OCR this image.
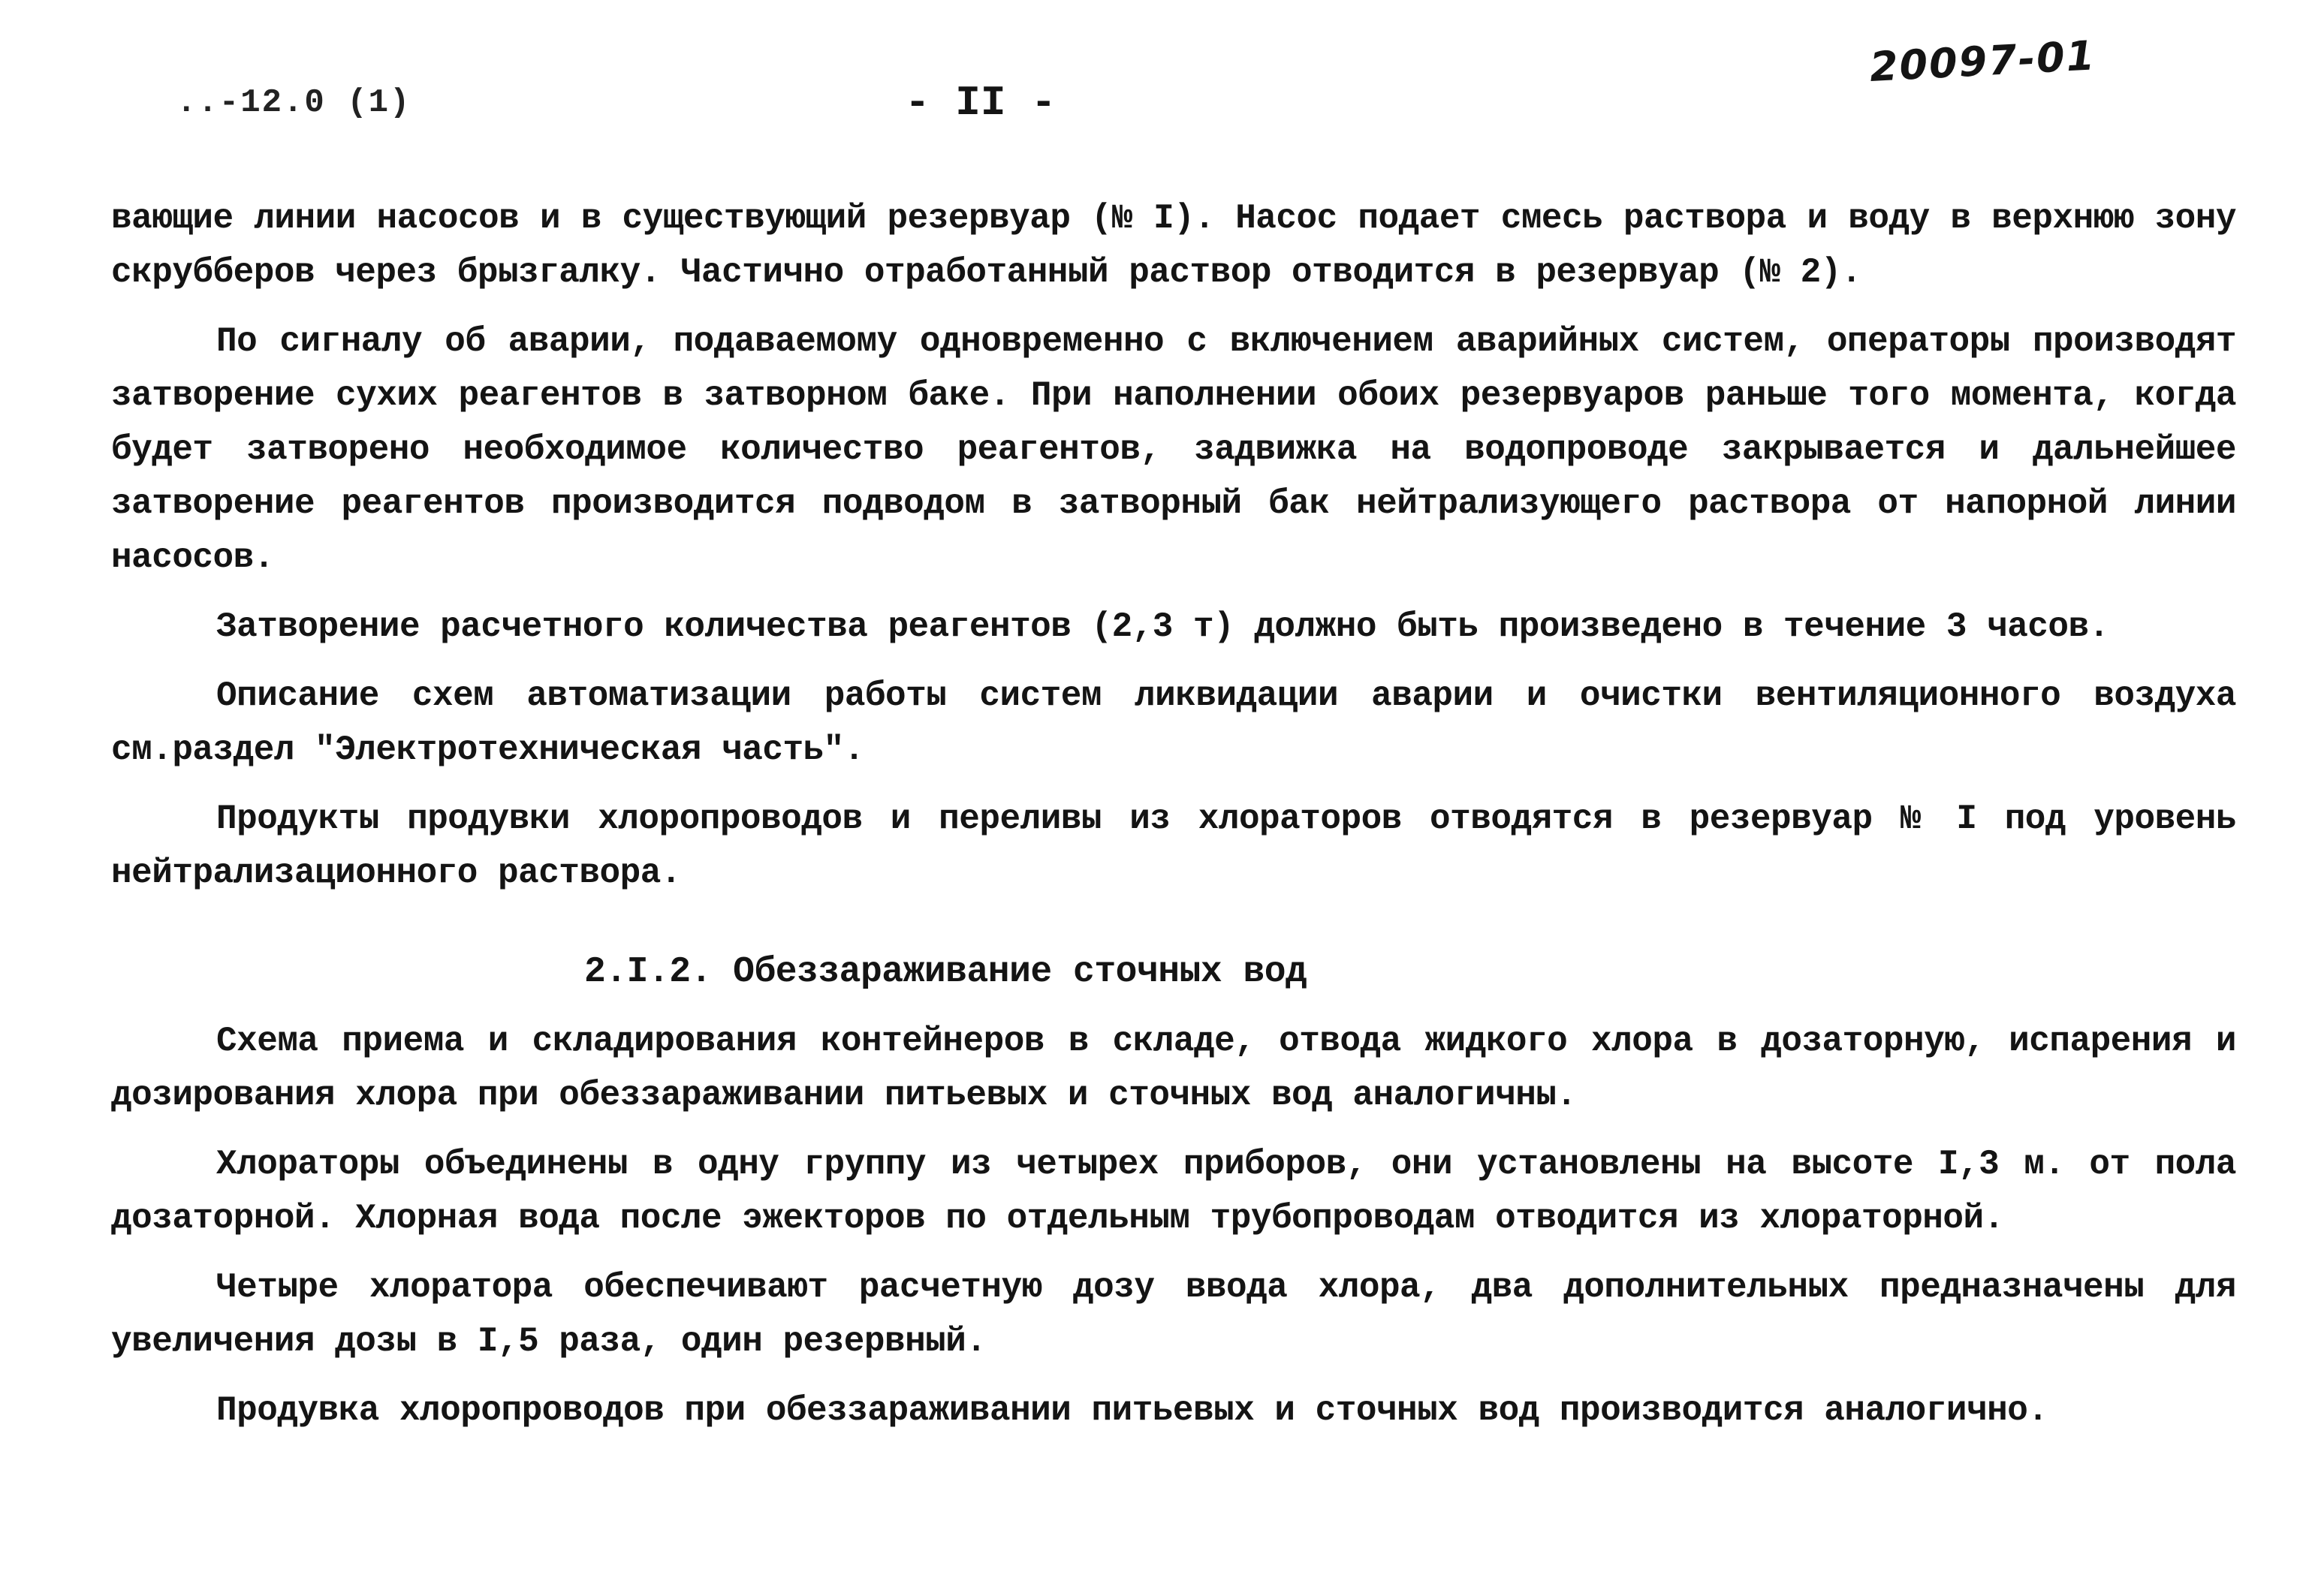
..-12.0 (1)	- II -
20097-01

вающие линии насосов и в существующий резервуар (№ I). Насос подает смесь раствора и воду в верхнюю зону скрубберов через брызгалку. Частично отработанный раствор отводится в резервуар (№ 2).

По сигналу об аварии, подаваемому одновременно с включением аварийных систем, операторы производят затворение сухих реагентов в затворном баке. При наполнении обоих резервуаров раньше того момента, когда будет затворено необходимое количество реагентов, задвижка на водопроводе закрывается и дальнейшее затворение реагентов производится подводом в затворный бак нейтрализующего раствора от напорной линии насосов.

Затворение расчетного количества реагентов (2,3 т) должно быть произведено в течение 3 часов.

Описание схем автоматизации работы систем ликвидации аварии и очистки вентиляционного воздуха см.раздел "Электротехническая часть".

Продукты продувки хлоропроводов и переливы из хлораторов отводятся в резервуар № I под уровень нейтрализационного раствора.

2.I.2. Обеззараживание сточных вод

Схема приема и складирования контейнеров в складе, отвода жидкого хлора в дозаторную, испарения и дозирования хлора при обеззараживании питьевых и сточных вод аналогичны.

Хлораторы объединены в одну группу из четырех приборов, они установлены на высоте I,3 м. от пола дозаторной. Хлорная вода после эжекторов по отдельным трубопроводам отводится из хлораторной.

Четыре хлоратора обеспечивают расчетную дозу ввода хлора, два дополнительных предназначены для увеличения дозы в I,5 раза, один резервный.

Продувка хлоропроводов при обеззараживании питьевых и сточных вод производится аналогично.
